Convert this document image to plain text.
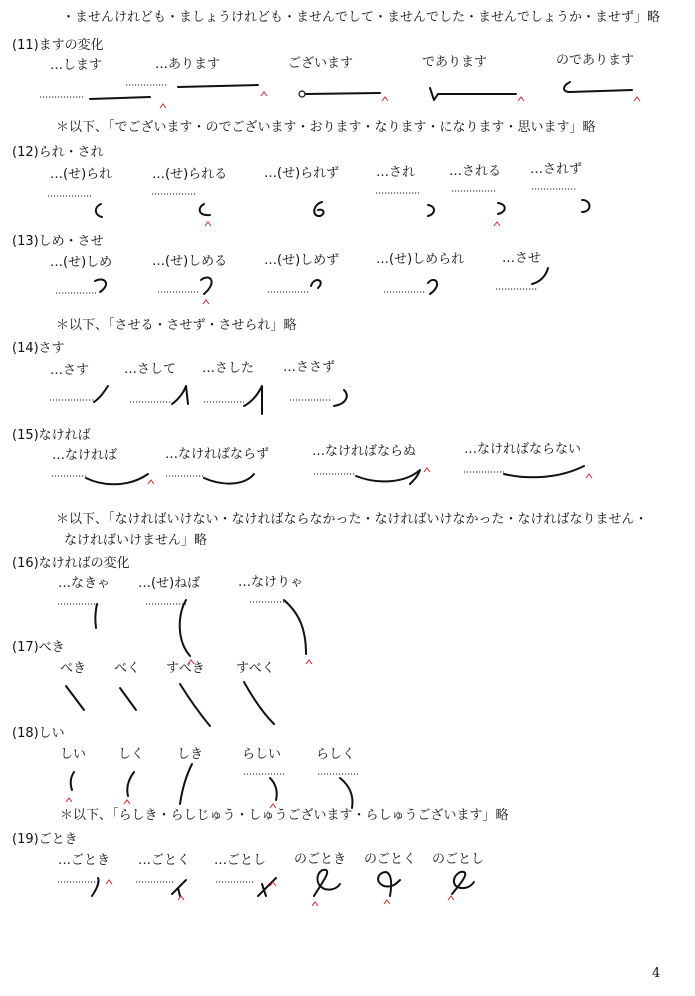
・ませんけれども・ましょうけれども・ませんでして・ませんでした・ませんでしょうか・ませず」略
(11)ますの変化
…します	…あります	ございます	であります	のであります
＊以下、「でございます・のでございます・おります・なります・になります・思います」略
(12)られ・され
…(せ)られ	…(せ)られる	…(せ)られず	…され	…される …されず
(13)しめ・させ
…(せ)しめ	…(せ)しめる	…(せ)しめず	…(せ)しめられ	…させ
＊以下、「させる・させず・させられ」略
(14)さす
…さす	…さして …さした …ささず
(15)なければ
…なければ	…なければならず	…なければならぬ	…なければならない
＊以下、「なければいけない・なければならなかった・なければいけなかった・なければなりません・
なければいけません」略
(16)なければの変化
…なきゃ …(せ)ねば	…なけりゃ
(17)べき
べき べく すべき すべく
(18)しい
しい しく	しき	らしい	らしく
＊以下、「らしき・らしじゅう・しゅうございます・らしゅうございます」略
(19)ごとき
…ごとき …ごとく …ごとし のごとき のごとく のごとし
4
